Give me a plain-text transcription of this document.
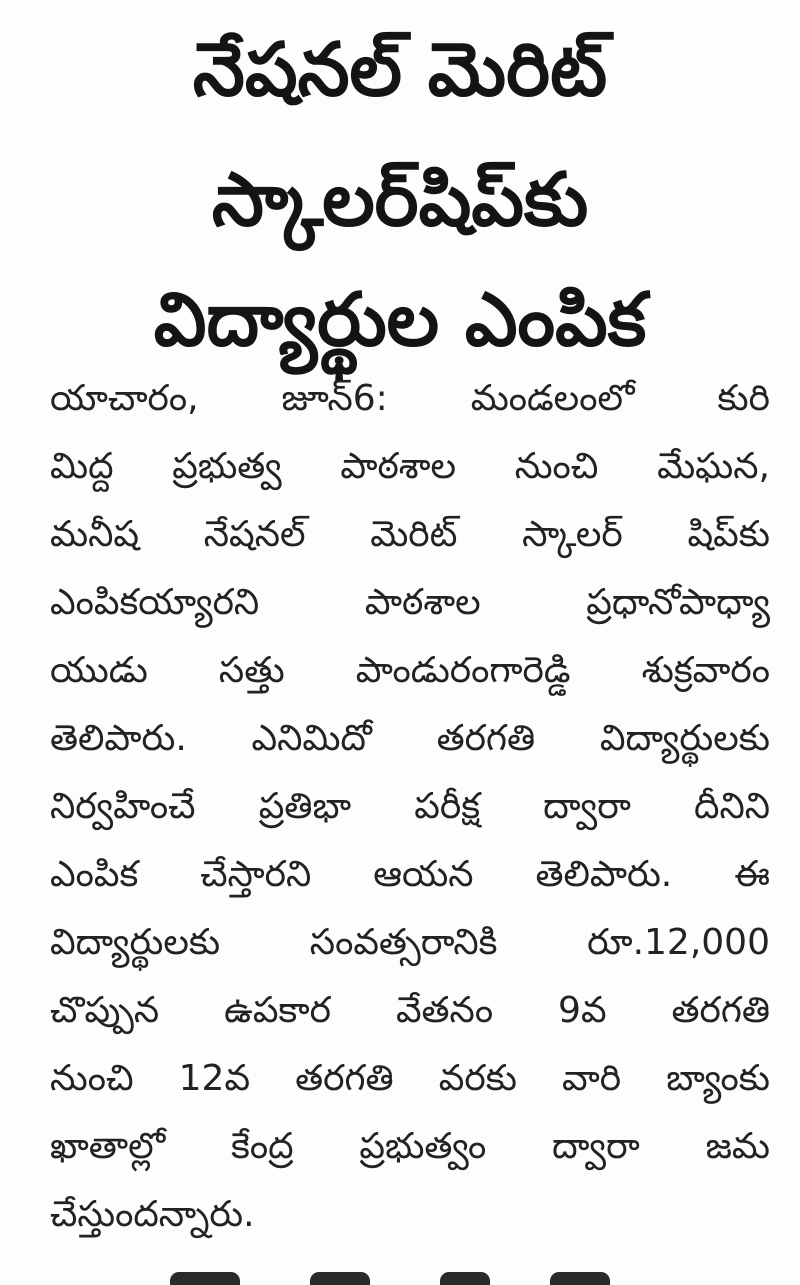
నేషనల్ మెరిట్
స్కాలర్‌షిప్‌కు
విద్యార్థుల ఎంపిక
యాచారం, జూన్‌6: మండలంలో కురి
మిద్ద ప్రభుత్వ పాఠశాల నుంచి మేఘన,
మనీష నేషనల్ మెరిట్ స్కాలర్ షిప్‌కు
ఎంపికయ్యారని పాఠశాల ప్రధానోపాధ్యా
యుడు సత్తు పాండురంగారెడ్డి శుక్రవారం
తెలిపారు. ఎనిమిదో తరగతి విద్యార్థులకు
నిర్వహించే ప్రతిభా పరీక్ష ద్వారా దీనిని
ఎంపిక చేస్తారని ఆయన తెలిపారు. ఈ
విద్యార్థులకు సంవత్సరానికి రూ.12,000
చొప్పున ఉపకార వేతనం 9వ తరగతి
నుంచి 12వ తరగతి వరకు వారి బ్యాంకు
ఖాతాల్లో కేంద్ర ప్రభుత్వం ద్వారా జమ
చేస్తుందన్నారు.
